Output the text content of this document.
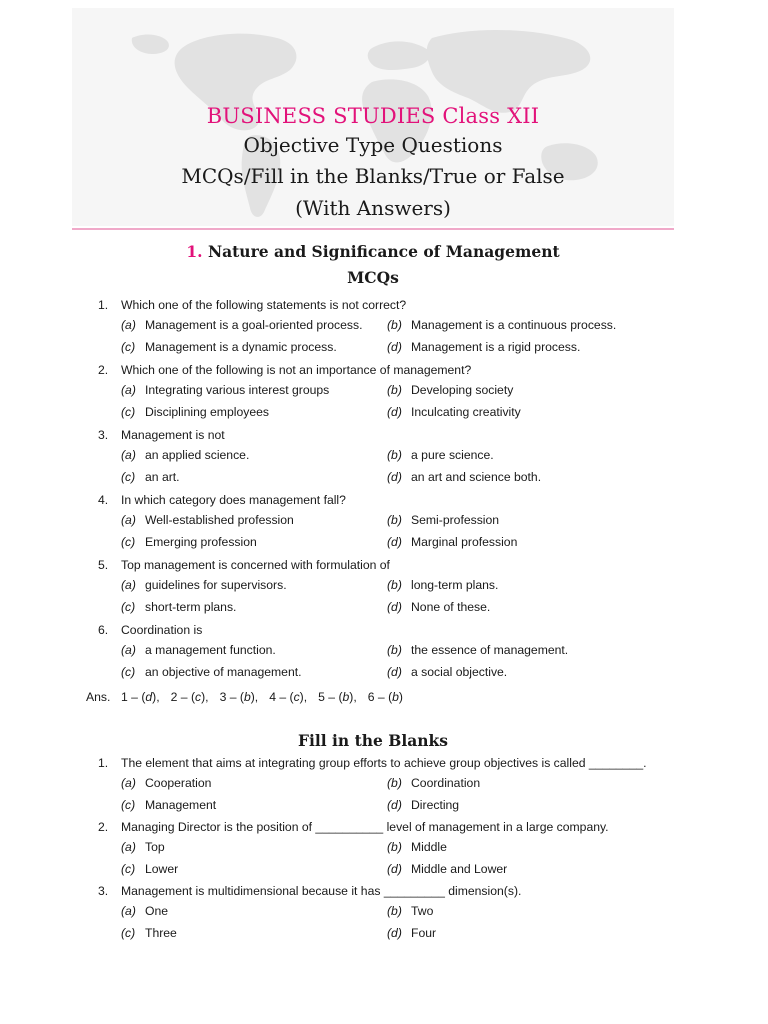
BUSINESS STUDIES Class XII
Objective Type Questions
MCQs/Fill in the Blanks/True or False
(With Answers)
1. Nature and Significance of Management
MCQs
1. Which one of the following statements is not correct?
(a) Management is a goal-oriented process. (b) Management is a continuous process.
(c) Management is a dynamic process.	(d) Management is a rigid process.
2. Which one of the following is not an importance of management?
(a) Integrating various interest groups	(b) Developing society
(c) Disciplining employees	(d) Inculcating creativity
3. Management is not
(a) an applied science.	(b) a pure science.
(c) an art.	(d) an art and science both.
4. In which category does management fall?
(a) Well-established profession	(b) Semi-profession
(c) Emerging profession	(d) Marginal profession
5. Top management is concerned with formulation of
(a) guidelines for supervisors.	(b) long-term plans.
(c) short-term plans.	(d) None of these.
6. Coordination is
(a) a management function.	(b) the essence of management.
(c) an objective of management.	(d) a social objective.
Ans. 1 – (d), 2 – (c), 3 – (b), 4 – (c), 5 – (b), 6 – (b)
Fill in the Blanks
1. The element that aims at integrating group efforts to achieve group objectives is called ________.
(a) Cooperation	(b) Coordination
(c) Management	(d) Directing
2. Managing Director is the position of __________ level of management in a large company.
(a) Top	(b) Middle
(c) Lower	(d) Middle and Lower
3. Management is multidimensional because it has _________ dimension(s).
(a) One	(b) Two
(c) Three	(d) Four
